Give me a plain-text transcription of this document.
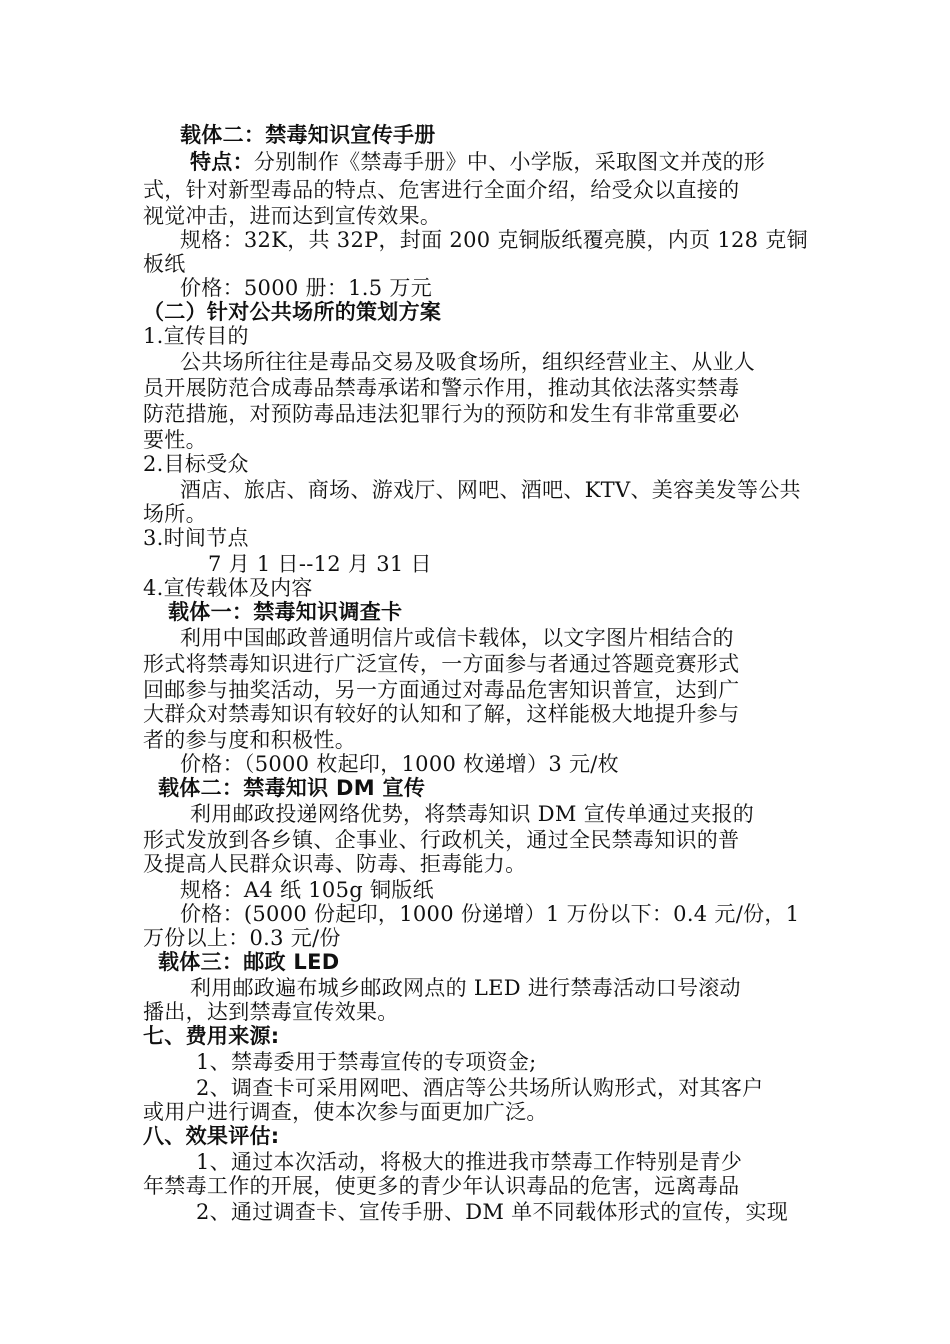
载体二：禁毒知识宣传手册
特点：分别制作《禁毒手册》中、小学版，采取图文并茂的形
式，针对新型毒品的特点、危害进行全面介绍，给受众以直接的
视觉冲击，进而达到宣传效果。
规格：32K，共 32P，封面 200 克铜版纸覆亮膜，内页 128 克铜
板纸
价格：5000 册：1.5 万元
（二）针对公共场所的策划方案
1.宣传目的
公共场所往往是毒品交易及吸食场所，组织经营业主、从业人
员开展防范合成毒品禁毒承诺和警示作用，推动其依法落实禁毒
防范措施，对预防毒品违法犯罪行为的预防和发生有非常重要必
要性。
2.目标受众
酒店、旅店、商场、游戏厅、网吧、酒吧、KTV、美容美发等公共
场所。
3.时间节点
7 月 1 日--12 月 31 日
4.宣传载体及内容
载体一：禁毒知识调查卡
利用中国邮政普通明信片或信卡载体，以文字图片相结合的
形式将禁毒知识进行广泛宣传，一方面参与者通过答题竞赛形式
回邮参与抽奖活动，另一方面通过对毒品危害知识普宣，达到广
大群众对禁毒知识有较好的认知和了解，这样能极大地提升参与
者的参与度和积极性。
价格：（5000 枚起印，1000 枚递增）3 元/枚
载体二：禁毒知识 DM 宣传
利用邮政投递网络优势，将禁毒知识 DM 宣传单通过夹报的
形式发放到各乡镇、企事业、行政机关，通过全民禁毒知识的普
及提高人民群众识毒、防毒、拒毒能力。
规格：A4 纸 105g 铜版纸
价格：(5000 份起印，1000 份递增）1 万份以下：0.4 元/份，1
万份以上：0.3 元/份
载体三：邮政 LED
利用邮政遍布城乡邮政网点的 LED 进行禁毒活动口号滚动
播出，达到禁毒宣传效果。
七、费用来源:
1、禁毒委用于禁毒宣传的专项资金;
2、调查卡可采用网吧、酒店等公共场所认购形式，对其客户
或用户进行调查，使本次参与面更加广泛。
八、效果评估:
1、通过本次活动，将极大的推进我市禁毒工作特别是青少
年禁毒工作的开展，使更多的青少年认识毒品的危害，远离毒品
2、通过调查卡、宣传手册、DM 单不同载体形式的宣传，实现
